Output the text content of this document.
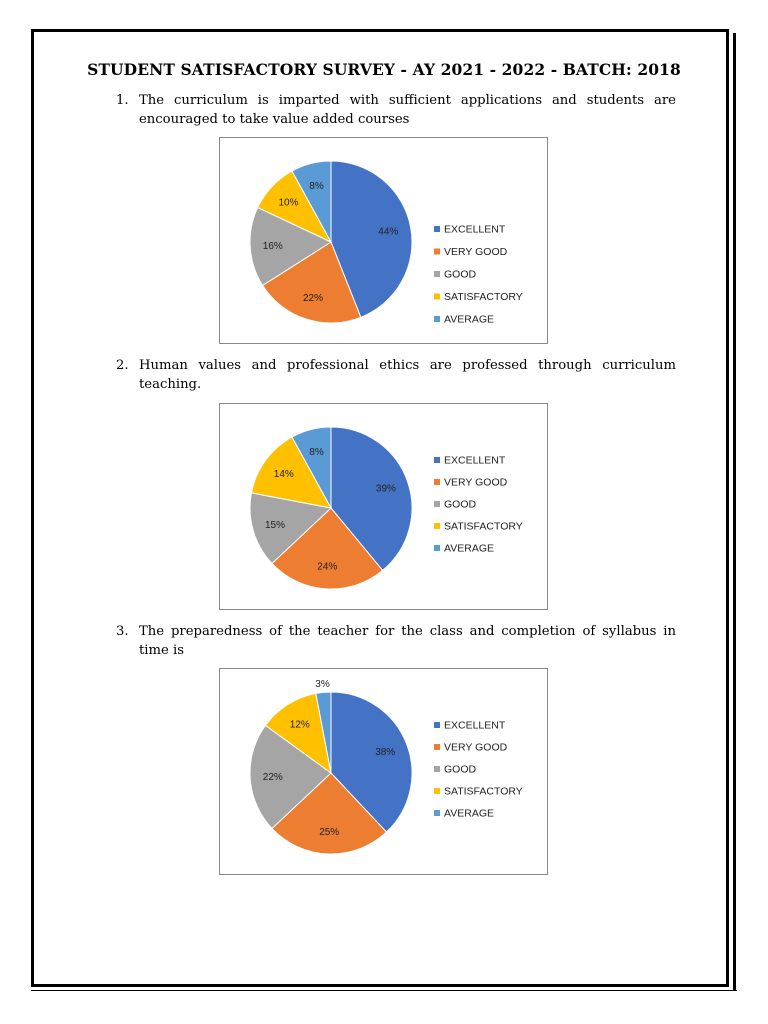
STUDENT SATISFACTORY SURVEY - AY 2021 - 2022 - BATCH: 2018
1. The curriculum is imparted with sufficient applications and students are encouraged to take value added courses
44%
22%
16%
10%
8%
EXCELLENT
VERY GOOD
GOOD
SATISFACTORY
AVERAGE
2. Human values and professional ethics are professed through curriculum teaching.
39%
24%
15%
14%
8%
EXCELLENT
VERY GOOD
GOOD
SATISFACTORY
AVERAGE
3. The preparedness of the teacher for the class and completion of syllabus in time is
38%
25%
22%
12%
3%
EXCELLENT
VERY GOOD
GOOD
SATISFACTORY
AVERAGE
